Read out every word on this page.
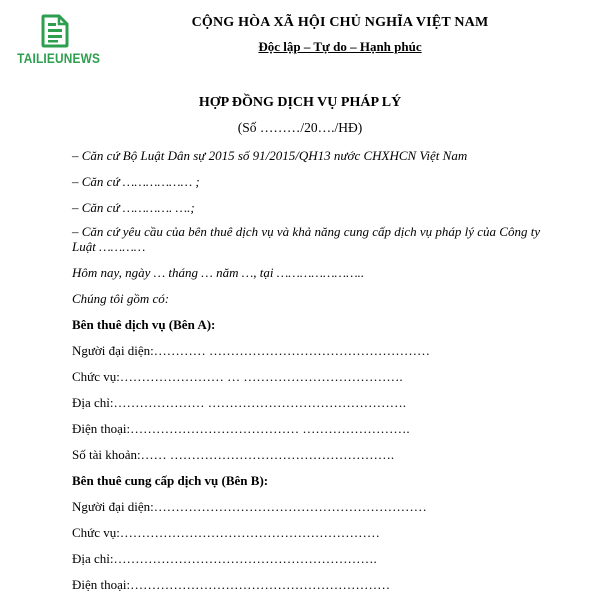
TAILIEUNEWS
CỘNG HÒA XÃ HỘI CHỦ NGHĨA VIỆT NAM
Độc lập – Tự do – Hạnh phúc
HỢP ĐỒNG DỊCH VỤ PHÁP LÝ
(Số ………/20…./HĐ)
– Căn cứ Bộ Luật Dân sự 2015 số 91/2015/QH13 nước CHXHCN Việt Nam
– Căn cứ ……………… ;
– Căn cứ …………. ….;
– Căn cứ yêu cầu của bên thuê dịch vụ và khả năng cung cấp dịch vụ pháp lý của Công ty Luật …………
Hôm nay, ngày … tháng … năm …, tại …………………..
Chúng tôi gồm có:
Bên thuê dịch vụ (Bên A):
Người đại diện:………… ……………………………………………
Chức vụ:…………………… … ……………………………….
Địa chỉ:………………… ……………………………………….
Điện thoại:………………………………… …………………….
Số tài khoản:…… …………………………………………….
Bên thuê cung cấp dịch vụ (Bên B):
Người đại diện:………………………………………………………
Chức vụ:……………………………………………………
Địa chỉ:…………………………………………………….
Điện thoại:……………………………………………………
